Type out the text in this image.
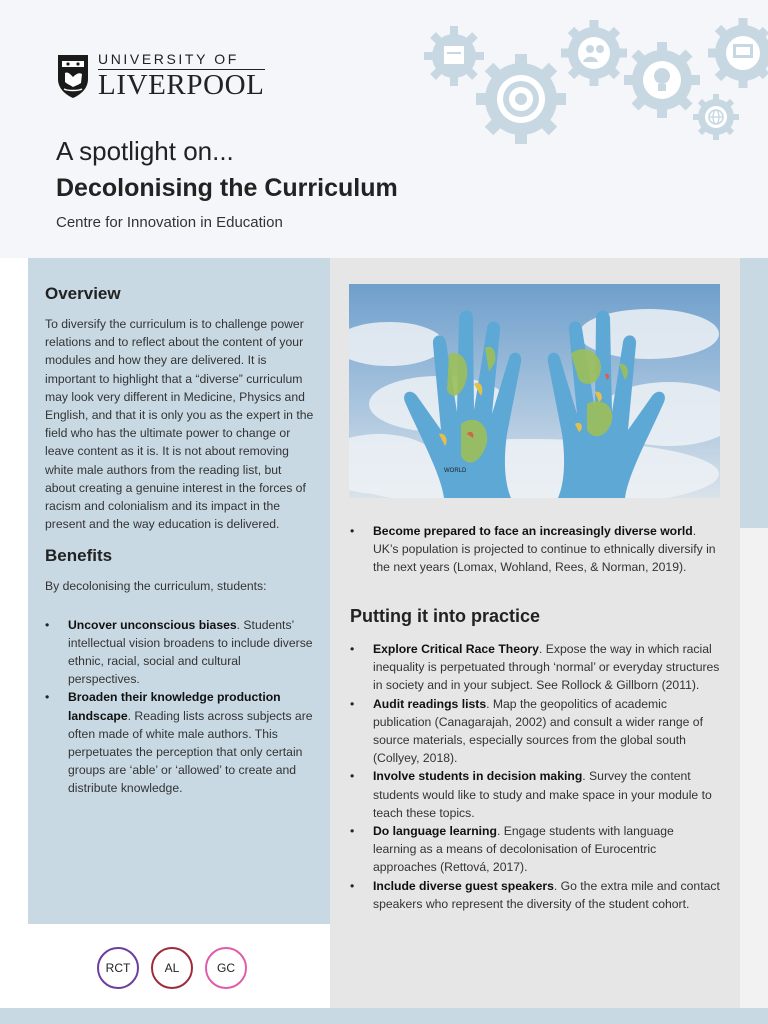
UNIVERSITY OF
LIVERPOOL
A spotlight on...
Decolonising the Curriculum
Centre for Innovation in Education
Overview

To diversify the curriculum is to challenge power relations and to reflect about the content of your modules and how they are delivered. It is important to highlight that a “diverse” curriculum may look very different in Medicine, Physics and English, and that it is only you as the expert in the field who has the ultimate power to change or leave content as it is. It is not about removing white male authors from the reading list, but about creating a genuine interest in the forces of racism and colonialism and its impact in the present and the way education is delivered.

Benefits

By decolonising the curriculum, students:

• Uncover unconscious biases. Students’ intellectual vision broadens to include diverse ethnic, racial, social and cultural perspectives.
• Broaden their knowledge production landscape. Reading lists across subjects are often made of white male authors. This perpetuates the perception that only certain groups are ‘able’ or ‘allowed’ to create and distribute knowledge.
WORLD
• Become prepared to face an increasingly diverse world. UK’s population is projected to continue to ethnically diversify in the next years (Lomax, Wohland, Rees, & Norman, 2019).
Putting it into practice
• Explore Critical Race Theory. Expose the way in which racial inequality is perpetuated through ‘normal’ or everyday structures in society and in your subject. See Rollock & Gillborn (2011).
• Audit readings lists. Map the geopolitics of academic publication (Canagarajah, 2002) and consult a wider range of source materials, especially sources from the global south (Collyey, 2018).
• Involve students in decision making. Survey the content students would like to study and make space in your module to teach these topics.
• Do language learning. Engage students with language learning as a means of decolonisation of Eurocentric approaches (Rettová, 2017).
• Include diverse guest speakers. Go the extra mile and contact speakers who represent the diversity of the student cohort.
RCT	AL	GC
